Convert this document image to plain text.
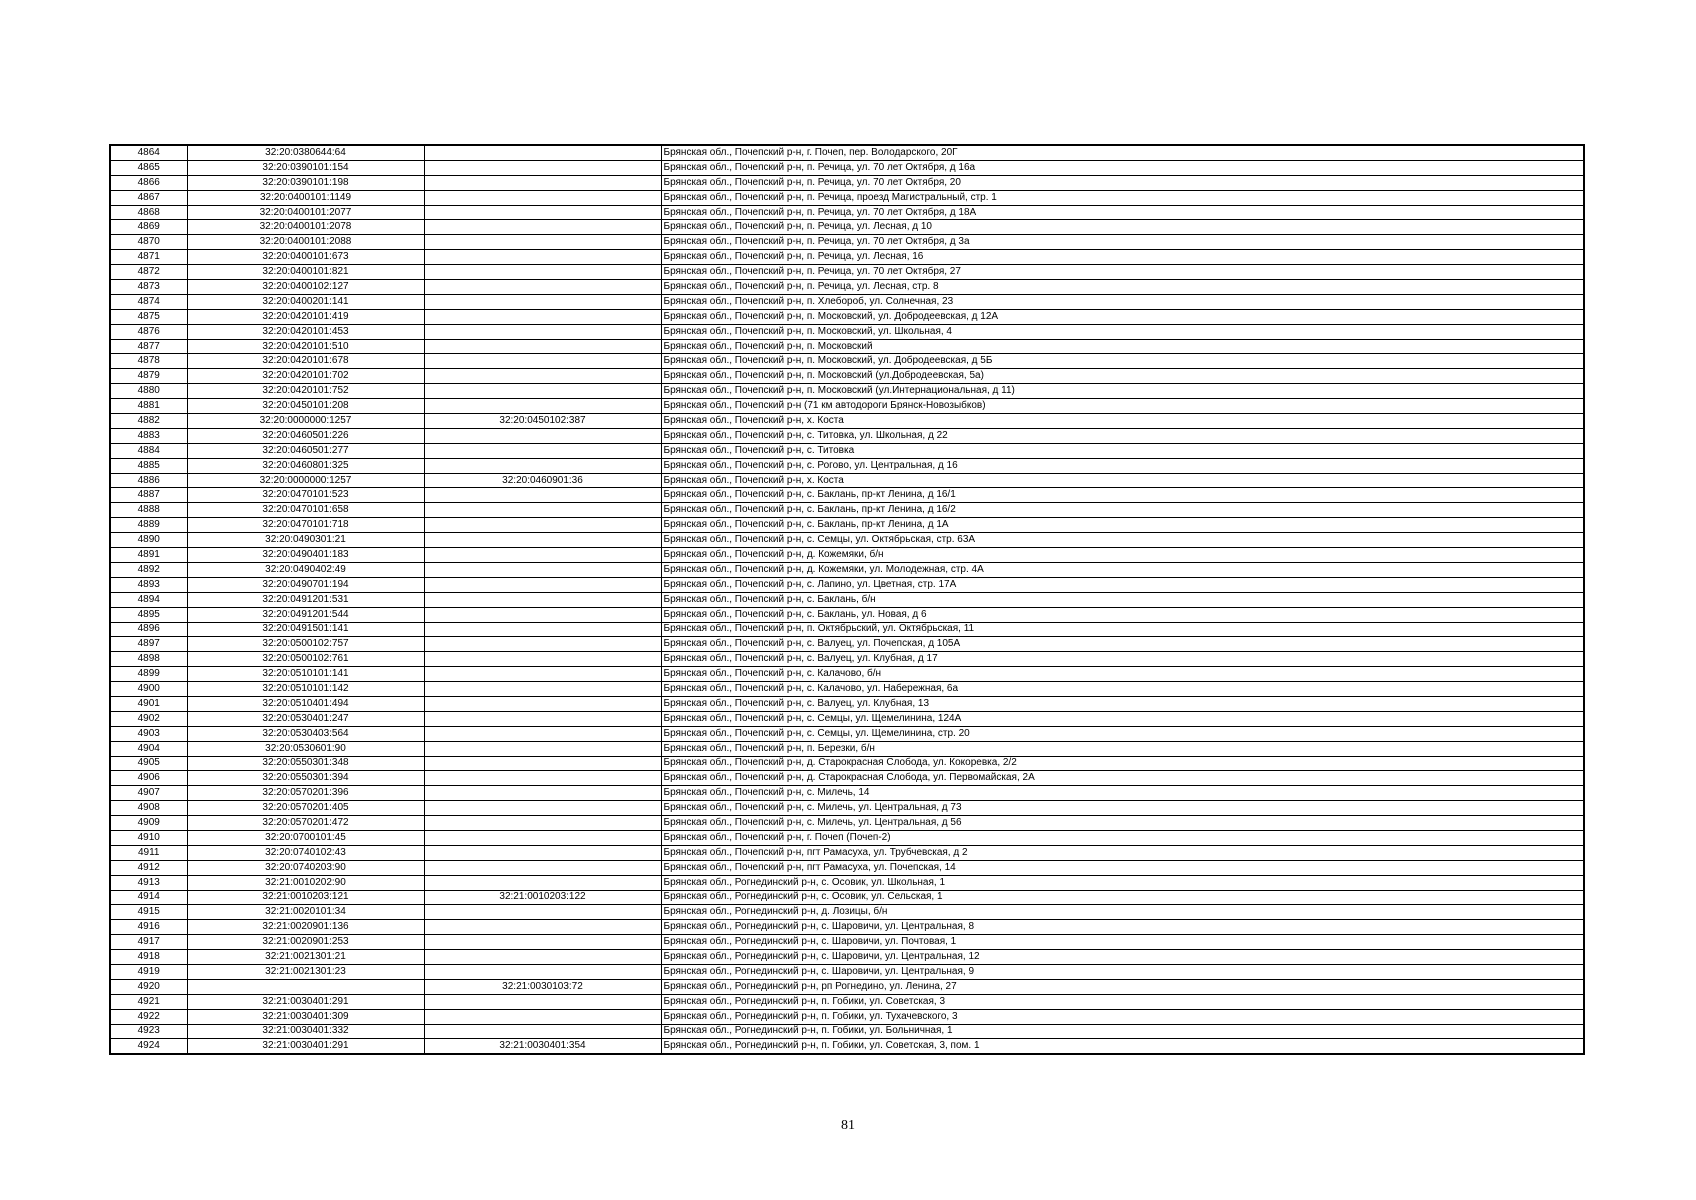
4864	32:20:0380644:64		Брянская обл., Почепский р-н, г. Почеп, пер. Володарского, 20Г
4865	32:20:0390101:154		Брянская обл., Почепский р-н, п. Речица, ул. 70 лет Октября, д 16а
4866	32:20:0390101:198		Брянская обл., Почепский р-н, п. Речица, ул. 70 лет Октября, 20
4867	32:20:0400101:1149		Брянская обл., Почепский р-н, п. Речица, проезд Магистральный, стр. 1
4868	32:20:0400101:2077		Брянская обл., Почепский р-н, п. Речица, ул. 70 лет Октября, д 18А
4869	32:20:0400101:2078		Брянская обл., Почепский р-н, п. Речица, ул. Лесная, д 10
4870	32:20:0400101:2088		Брянская обл., Почепский р-н, п. Речица, ул. 70 лет Октября, д 3а
4871	32:20:0400101:673		Брянская обл., Почепский р-н, п. Речица, ул. Лесная, 16
4872	32:20:0400101:821		Брянская обл., Почепский р-н, п. Речица, ул. 70 лет Октября, 27
4873	32:20:0400102:127		Брянская обл., Почепский р-н, п. Речица, ул. Лесная, стр. 8
4874	32:20:0400201:141		Брянская обл., Почепский р-н, п. Хлебороб, ул. Солнечная, 23
4875	32:20:0420101:419		Брянская обл., Почепский р-н, п. Московский, ул. Добродеевская, д 12А
4876	32:20:0420101:453		Брянская обл., Почепский р-н, п. Московский, ул. Школьная, 4
4877	32:20:0420101:510		Брянская обл., Почепский р-н, п. Московский
4878	32:20:0420101:678		Брянская обл., Почепский р-н, п. Московский, ул. Добродеевская, д 5Б
4879	32:20:0420101:702		Брянская обл., Почепский р-н, п. Московский (ул.Добродеевская, 5а)
4880	32:20:0420101:752		Брянская обл., Почепский р-н, п. Московский (ул.Интернациональная, д 11)
4881	32:20:0450101:208		Брянская обл., Почепский р-н (71 км автодороги Брянск-Новозыбков)
4882	32:20:0000000:1257	32:20:0450102:387	Брянская обл., Почепский р-н, х. Коста
4883	32:20:0460501:226		Брянская обл., Почепский р-н, с. Титовка, ул. Школьная, д 22
4884	32:20:0460501:277		Брянская обл., Почепский р-н, с. Титовка
4885	32:20:0460801:325		Брянская обл., Почепский р-н, с. Рогово, ул. Центральная, д 16
4886	32:20:0000000:1257	32:20:0460901:36	Брянская обл., Почепский р-н, х. Коста
4887	32:20:0470101:523		Брянская обл., Почепский р-н, с. Баклань, пр-кт Ленина, д 16/1
4888	32:20:0470101:658		Брянская обл., Почепский р-н, с. Баклань, пр-кт Ленина, д 16/2
4889	32:20:0470101:718		Брянская обл., Почепский р-н, с. Баклань, пр-кт Ленина, д 1А
4890	32:20:0490301:21		Брянская обл., Почепский р-н, с. Семцы, ул. Октябрьская, стр. 63А
4891	32:20:0490401:183		Брянская обл., Почепский р-н, д. Кожемяки, б/н
4892	32:20:0490402:49		Брянская обл., Почепский р-н, д. Кожемяки, ул. Молодежная, стр. 4А
4893	32:20:0490701:194		Брянская обл., Почепский р-н, с. Лапино, ул. Цветная, стр. 17А
4894	32:20:0491201:531		Брянская обл., Почепский р-н, с. Баклань, б/н
4895	32:20:0491201:544		Брянская обл., Почепский р-н, с. Баклань, ул. Новая, д 6
4896	32:20:0491501:141		Брянская обл., Почепский р-н, п. Октябрьский, ул. Октябрьская, 11
4897	32:20:0500102:757		Брянская обл., Почепский р-н, с. Валуец, ул. Почепская, д 105А
4898	32:20:0500102:761		Брянская обл., Почепский р-н, с. Валуец, ул. Клубная, д 17
4899	32:20:0510101:141		Брянская обл., Почепский р-н, с. Калачово, б/н
4900	32:20:0510101:142		Брянская обл., Почепский р-н, с. Калачово, ул. Набережная, 6а
4901	32:20:0510401:494		Брянская обл., Почепский р-н, с. Валуец, ул. Клубная, 13
4902	32:20:0530401:247		Брянская обл., Почепский р-н, с. Семцы, ул. Щемелинина, 124А
4903	32:20:0530403:564		Брянская обл., Почепский р-н, с. Семцы, ул. Щемелинина, стр. 20
4904	32:20:0530601:90		Брянская обл., Почепский р-н, п. Березки, б/н
4905	32:20:0550301:348		Брянская обл., Почепский р-н, д. Старокрасная Слобода, ул. Кокоревка, 2/2
4906	32:20:0550301:394		Брянская обл., Почепский р-н, д. Старокрасная Слобода, ул. Первомайская, 2А
4907	32:20:0570201:396		Брянская обл., Почепский р-н, с. Милечь, 14
4908	32:20:0570201:405		Брянская обл., Почепский р-н, с. Милечь, ул. Центральная, д 73
4909	32:20:0570201:472		Брянская обл., Почепский р-н, с. Милечь, ул. Центральная, д 56
4910	32:20:0700101:45		Брянская обл., Почепский р-н, г. Почеп (Почеп-2)
4911	32:20:0740102:43		Брянская обл., Почепский р-н, пгт Рамасуха, ул. Трубчевская, д 2
4912	32:20:0740203:90		Брянская обл., Почепский р-н, пгт Рамасуха, ул. Почепская, 14
4913	32:21:0010202:90		Брянская обл., Рогнединский р-н, с. Осовик, ул. Школьная, 1
4914	32:21:0010203:121	32:21:0010203:122	Брянская обл., Рогнединский р-н, с. Осовик, ул. Сельская, 1
4915	32:21:0020101:34		Брянская обл., Рогнединский р-н, д. Лозицы, б/н
4916	32:21:0020901:136		Брянская обл., Рогнединский р-н, с. Шаровичи, ул. Центральная, 8
4917	32:21:0020901:253		Брянская обл., Рогнединский р-н, с. Шаровичи, ул. Почтовая, 1
4918	32:21:0021301:21		Брянская обл., Рогнединский р-н, с. Шаровичи, ул. Центральная, 12
4919	32:21:0021301:23		Брянская обл., Рогнединский р-н, с. Шаровичи, ул. Центральная, 9
4920		32:21:0030103:72	Брянская обл., Рогнединский р-н, рп Рогнедино, ул. Ленина, 27
4921	32:21:0030401:291		Брянская обл., Рогнединский р-н, п. Гобики, ул. Советская, 3
4922	32:21:0030401:309		Брянская обл., Рогнединский р-н, п. Гобики, ул. Тухачевского, 3
4923	32:21:0030401:332		Брянская обл., Рогнединский р-н, п. Гобики, ул. Больничная, 1
4924	32:21:0030401:291	32:21:0030401:354	Брянская обл., Рогнединский р-н, п. Гобики, ул. Советская, 3, пом. 1
81
